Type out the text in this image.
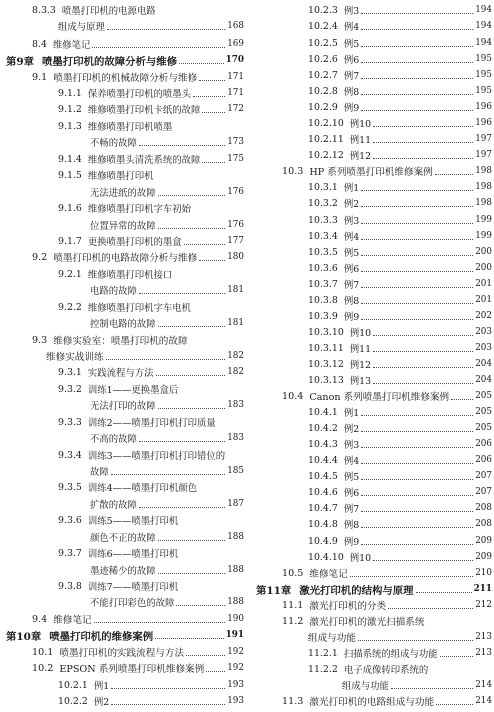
8.3.3 喷墨打印机的电源电路
组成与原理	168
8.4 维修笔记	169
第9章 喷墨打印机的故障分析与维修	170
9.1 喷墨打印机的机械故障分析与维修	171
9.1.1 保养喷墨打印机的喷墨头	171
9.1.2 维修喷墨打印机卡纸的故障	172
9.1.3 维修喷墨打印机喷墨
不畅的故障	173
9.1.4 维修喷墨头清洗系统的故障	175
9.1.5 维修喷墨打印机
无法进纸的故障	176
9.1.6 维修喷墨打印机字车初始
位置异常的故障	176
9.1.7 更换喷墨打印机的墨盒	177
9.2 喷墨打印机的电路故障分析与维修	180
9.2.1 维修喷墨打印机接口
电路的故障	181
9.2.2 维修喷墨打印机字车电机
控制电路的故障	181
9.3 维修实验室：喷墨打印机的故障
维修实战训练	182
9.3.1 实践流程与方法	182
9.3.2 训练1——更换墨盒后
无法打印的故障	183
9.3.3 训练2——喷墨打印机打印质量
不高的故障	183
9.3.4 训练3——喷墨打印机打印错位的
故障	185
9.3.5 训练4——喷墨打印机颜色
扩散的故障	187
9.3.6 训练5——喷墨打印机
颜色不正的故障	188
9.3.7 训练6——喷墨打印机
墨迹稀少的故障	188
9.3.8 训练7——喷墨打印机
不能打印彩色的故障	188
9.4 维修笔记	190
第10章 喷墨打印机的维修案例	191
10.1 喷墨打印机的实践流程与方法	192
10.2 EPSON 系列喷墨打印机维修案例	192
10.2.1 例1	193
10.2.2 例2	193
10.2.3 例3	194
10.2.4 例4	194
10.2.5 例5	194
10.2.6 例6	195
10.2.7 例7	195
10.2.8 例8	195
10.2.9 例9	196
10.2.10 例10	196
10.2.11 例11	197
10.2.12 例12	197
10.3 HP 系列喷墨打印机维修案例	198
10.3.1 例1	198
10.3.2 例2	198
10.3.3 例3	199
10.3.4 例4	199
10.3.5 例5	200
10.3.6 例6	200
10.3.7 例7	201
10.3.8 例8	201
10.3.9 例9	202
10.3.10 例10	203
10.3.11 例11	203
10.3.12 例12	204
10.3.13 例13	204
10.4 Canon 系列喷墨打印机维修案例	205
10.4.1 例1	205
10.4.2 例2	205
10.4.3 例3	206
10.4.4 例4	206
10.4.5 例5	207
10.4.6 例6	207
10.4.7 例7	208
10.4.8 例8	208
10.4.9 例9	209
10.4.10 例10	209
10.5 维修笔记	210
第11章 激光打印机的结构与原理	211
11.1 激光打印机的分类	212
11.2 激光打印机的激光扫描系统
组成与功能	213
11.2.1 扫描系统的组成与功能	213
11.2.2 电子成像转印系统的
组成与功能	214
11.3 激光打印机的电路组成与功能	214
